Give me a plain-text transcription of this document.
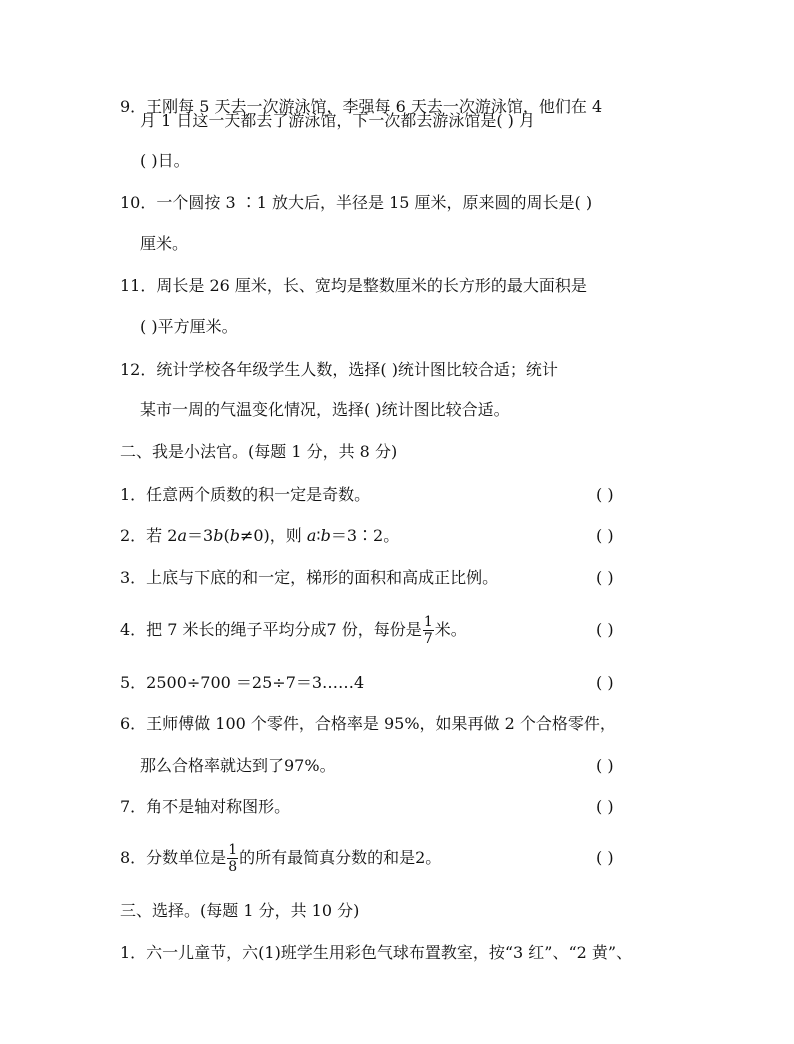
9．王刚每 5 天去一次游泳馆，李强每 6 天去一次游泳馆，他们在 4
月 1 日这一天都去了游泳馆，下一次都去游泳馆是( ) 月
( )日。
10．一个圆按 3 ∶1 放大后，半径是 15 厘米，原来圆的周长是( )
厘米。
11．周长是 26 厘米，长、宽均是整数厘米的长方形的最大面积是
( )平方厘米。
12．统计学校各年级学生人数，选择( )统计图比较合适；统计
某市一周的气温变化情况，选择( )统计图比较合适。
二、我是小法官。(每题 1 分，共 8 分)
1．任意两个质数的积一定是奇数。	( )
2．若 2a＝3b(b≠0)，则 a∶b＝3∶2。	( )
3．上底与下底的和一定，梯形的面积和高成正比例。	( )
4．把 7 米长的绳子平均分成7 份，每份是 $\frac{1}{7}$ 米。	( )
5．2500÷700 ＝25÷7＝3……4	( )
6．王师傅做 100 个零件，合格率是 95%，如果再做 2 个合格零件，
那么合格率就达到了97%。	( )
7．角不是轴对称图形。	( )
8．分数单位是 $\frac{1}{8}$ 的所有最简真分数的和是2。	( )
三、选择。(每题 1 分，共 10 分)
1．六一儿童节，六(1)班学生用彩色气球布置教室，按“3 红”、“2 黄”、
